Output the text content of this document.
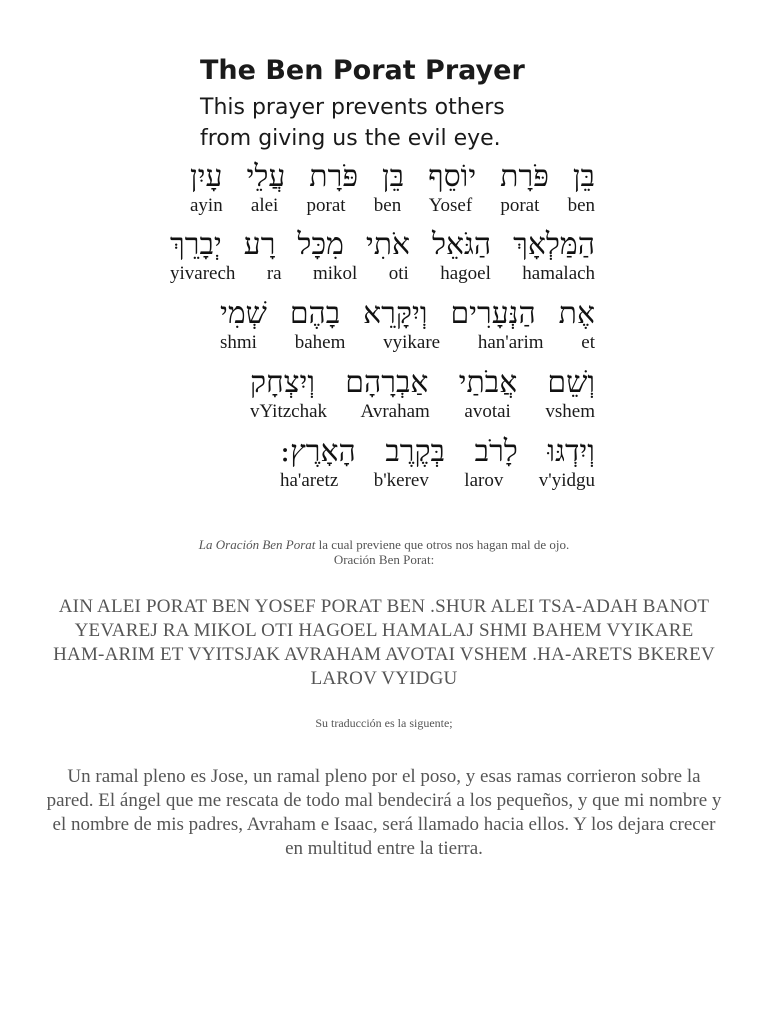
The Ben Porat Prayer
This prayer prevents others
from giving us the evil eye.
בֵּן פֹּרָת יוֹסֵף בֵּן פֹּרָת עֲלֵי עָיִן
ayin alei porat ben Yosef porat ben
הַמַּלְאָךְ הַגֹּאֵל אֹתִי מִכָּל רָע יְבָרֵךְ
yivarech ra mikol oti hagoel hamalach
אֶת הַנְּעָרִים וְיִקָּרֵא בָהֶם שְׁמִי
shmi bahem vyikare han'arim et
וְשֵׁם אֲבֹתַי אַבְרָהָם וְיִצְחָק
vYitzchak Avraham avotai vshem
וְיִדְגּוּ לָרֹב בְּקֶרֶב הָאָרֶץ:
ha'aretz b'kerev larov v'yidgu
La Oración Ben Porat la cual previene que otros nos hagan mal de ojo.
Oración Ben Porat:
AIN ALEI PORAT BEN YOSEF PORAT BEN .SHUR ALEI TSA-ADAH BANOT YEVAREJ RA MIKOL OTI HAGOEL HAMALAJ SHMI BAHEM VYIKARE HAM-ARIM ET VYITSJAK AVRAHAM AVOTAI VSHEM .HA-ARETS BKEREV LAROV VYIDGU
Su traducción es la siguente;
Un ramal pleno es Jose, un ramal pleno por el poso, y esas ramas corrieron sobre la pared. El ángel que me rescata de todo mal bendecirá a los pequeños, y que mi nombre y el nombre de mis padres, Avraham e Isaac, será llamado hacia ellos. Y los dejara crecer en multitud entre la tierra.
